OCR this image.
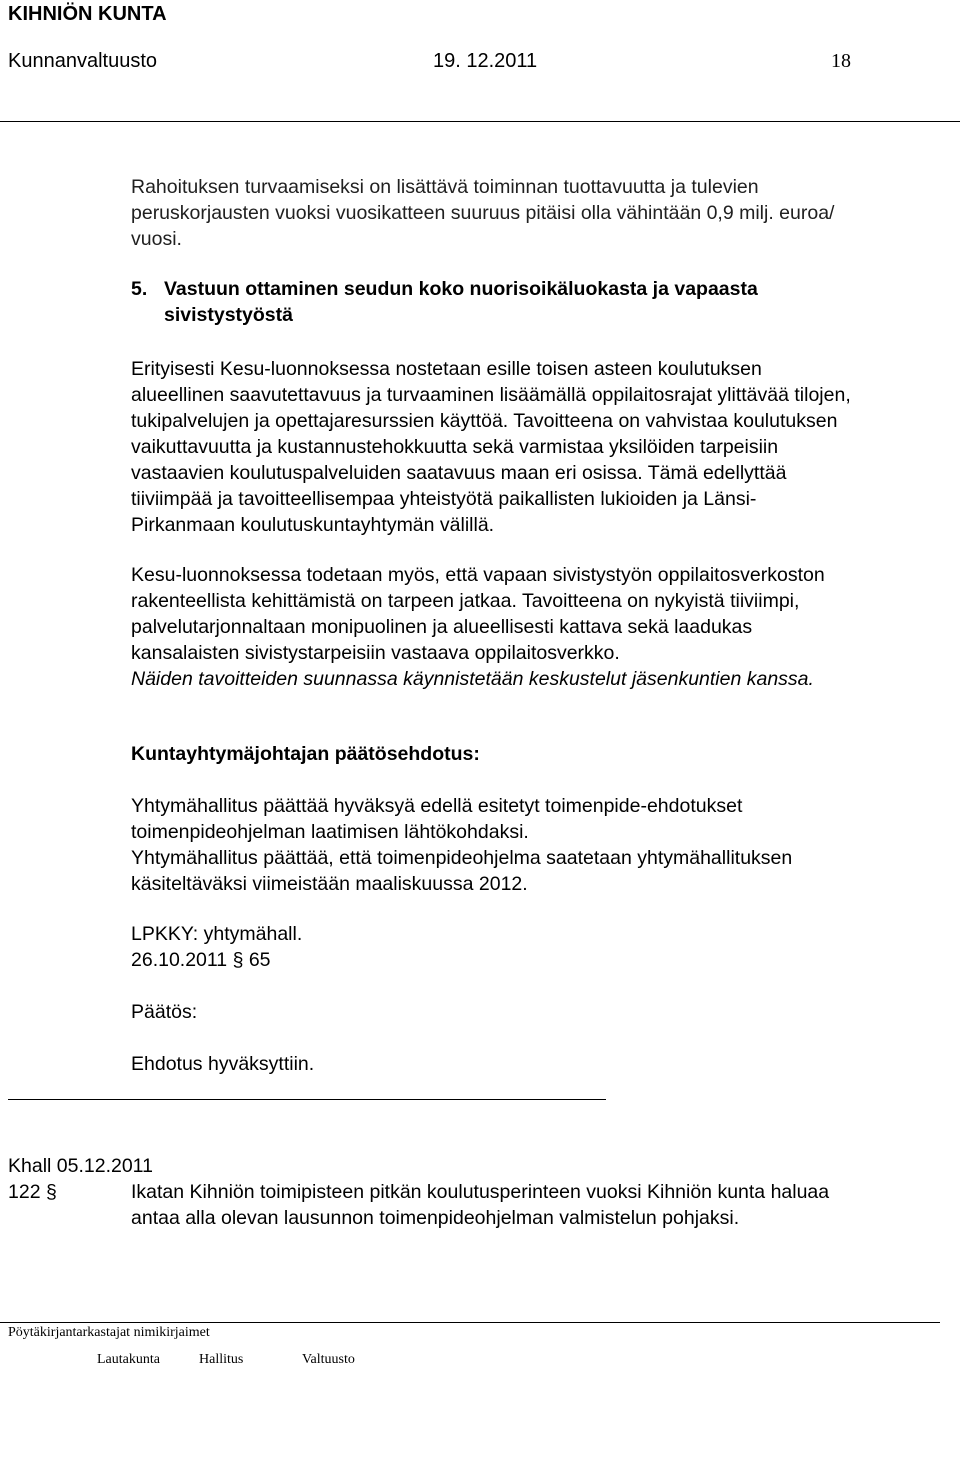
KIHNIÖN KUNTA
Kunnanvaltuusto	19. 12.2011	18

Rahoituksen turvaamiseksi on lisättävä toiminnan tuottavuutta ja tulevien
peruskorjausten vuoksi vuosikatteen suuruus pitäisi olla vähintään 0,9 milj. euroa/
vuosi.

5. Vastuun ottaminen seudun koko nuorisoikäluokasta ja vapaasta
sivistystyöstä

Erityisesti Kesu-luonnoksessa nostetaan esille toisen asteen koulutuksen
alueellinen saavutettavuus ja turvaaminen lisäämällä oppilaitosrajat ylittävää tilojen,
tukipalvelujen ja opettajaresurssien käyttöä. Tavoitteena on vahvistaa koulutuksen
vaikuttavuutta ja kustannustehokkuutta sekä varmistaa yksilöiden tarpeisiin
vastaavien koulutuspalveluiden saatavuus maan eri osissa. Tämä edellyttää
tiiviimpää ja tavoitteellisempaa yhteistyötä paikallisten lukioiden ja Länsi-
Pirkanmaan koulutuskuntayhtymän välillä.

Kesu-luonnoksessa todetaan myös, että vapaan sivistystyön oppilaitosverkoston
rakenteellista kehittämistä on tarpeen jatkaa. Tavoitteena on nykyistä tiiviimpi,
palvelutarjonnaltaan monipuolinen ja alueellisesti kattava sekä laadukas
kansalaisten sivistystarpeisiin vastaava oppilaitosverkko.
Näiden tavoitteiden suunnassa käynnistetään keskustelut jäsenkuntien kanssa.

Kuntayhtymäjohtajan päätösehdotus:

Yhtymähallitus päättää hyväksyä edellä esitetyt toimenpide-ehdotukset
toimenpideohjelman laatimisen lähtökohdaksi.
Yhtymähallitus päättää, että toimenpideohjelma saatetaan yhtymähallituksen
käsiteltäväksi viimeistään maaliskuussa 2012.

LPKKY: yhtymähall.
26.10.2011 § 65

Päätös:
Ehdotus hyväksyttiin.
Khall 05.12.2011
122 §	Ikatan Kihniön toimipisteen pitkän koulutusperinteen vuoksi Kihniön kunta haluaa
antaa alla olevan lausunnon toimenpideohjelman valmistelun pohjaksi.

Pöytäkirjantarkastajat nimikirjaimet
Lautakunta	Hallitus	Valtuusto
